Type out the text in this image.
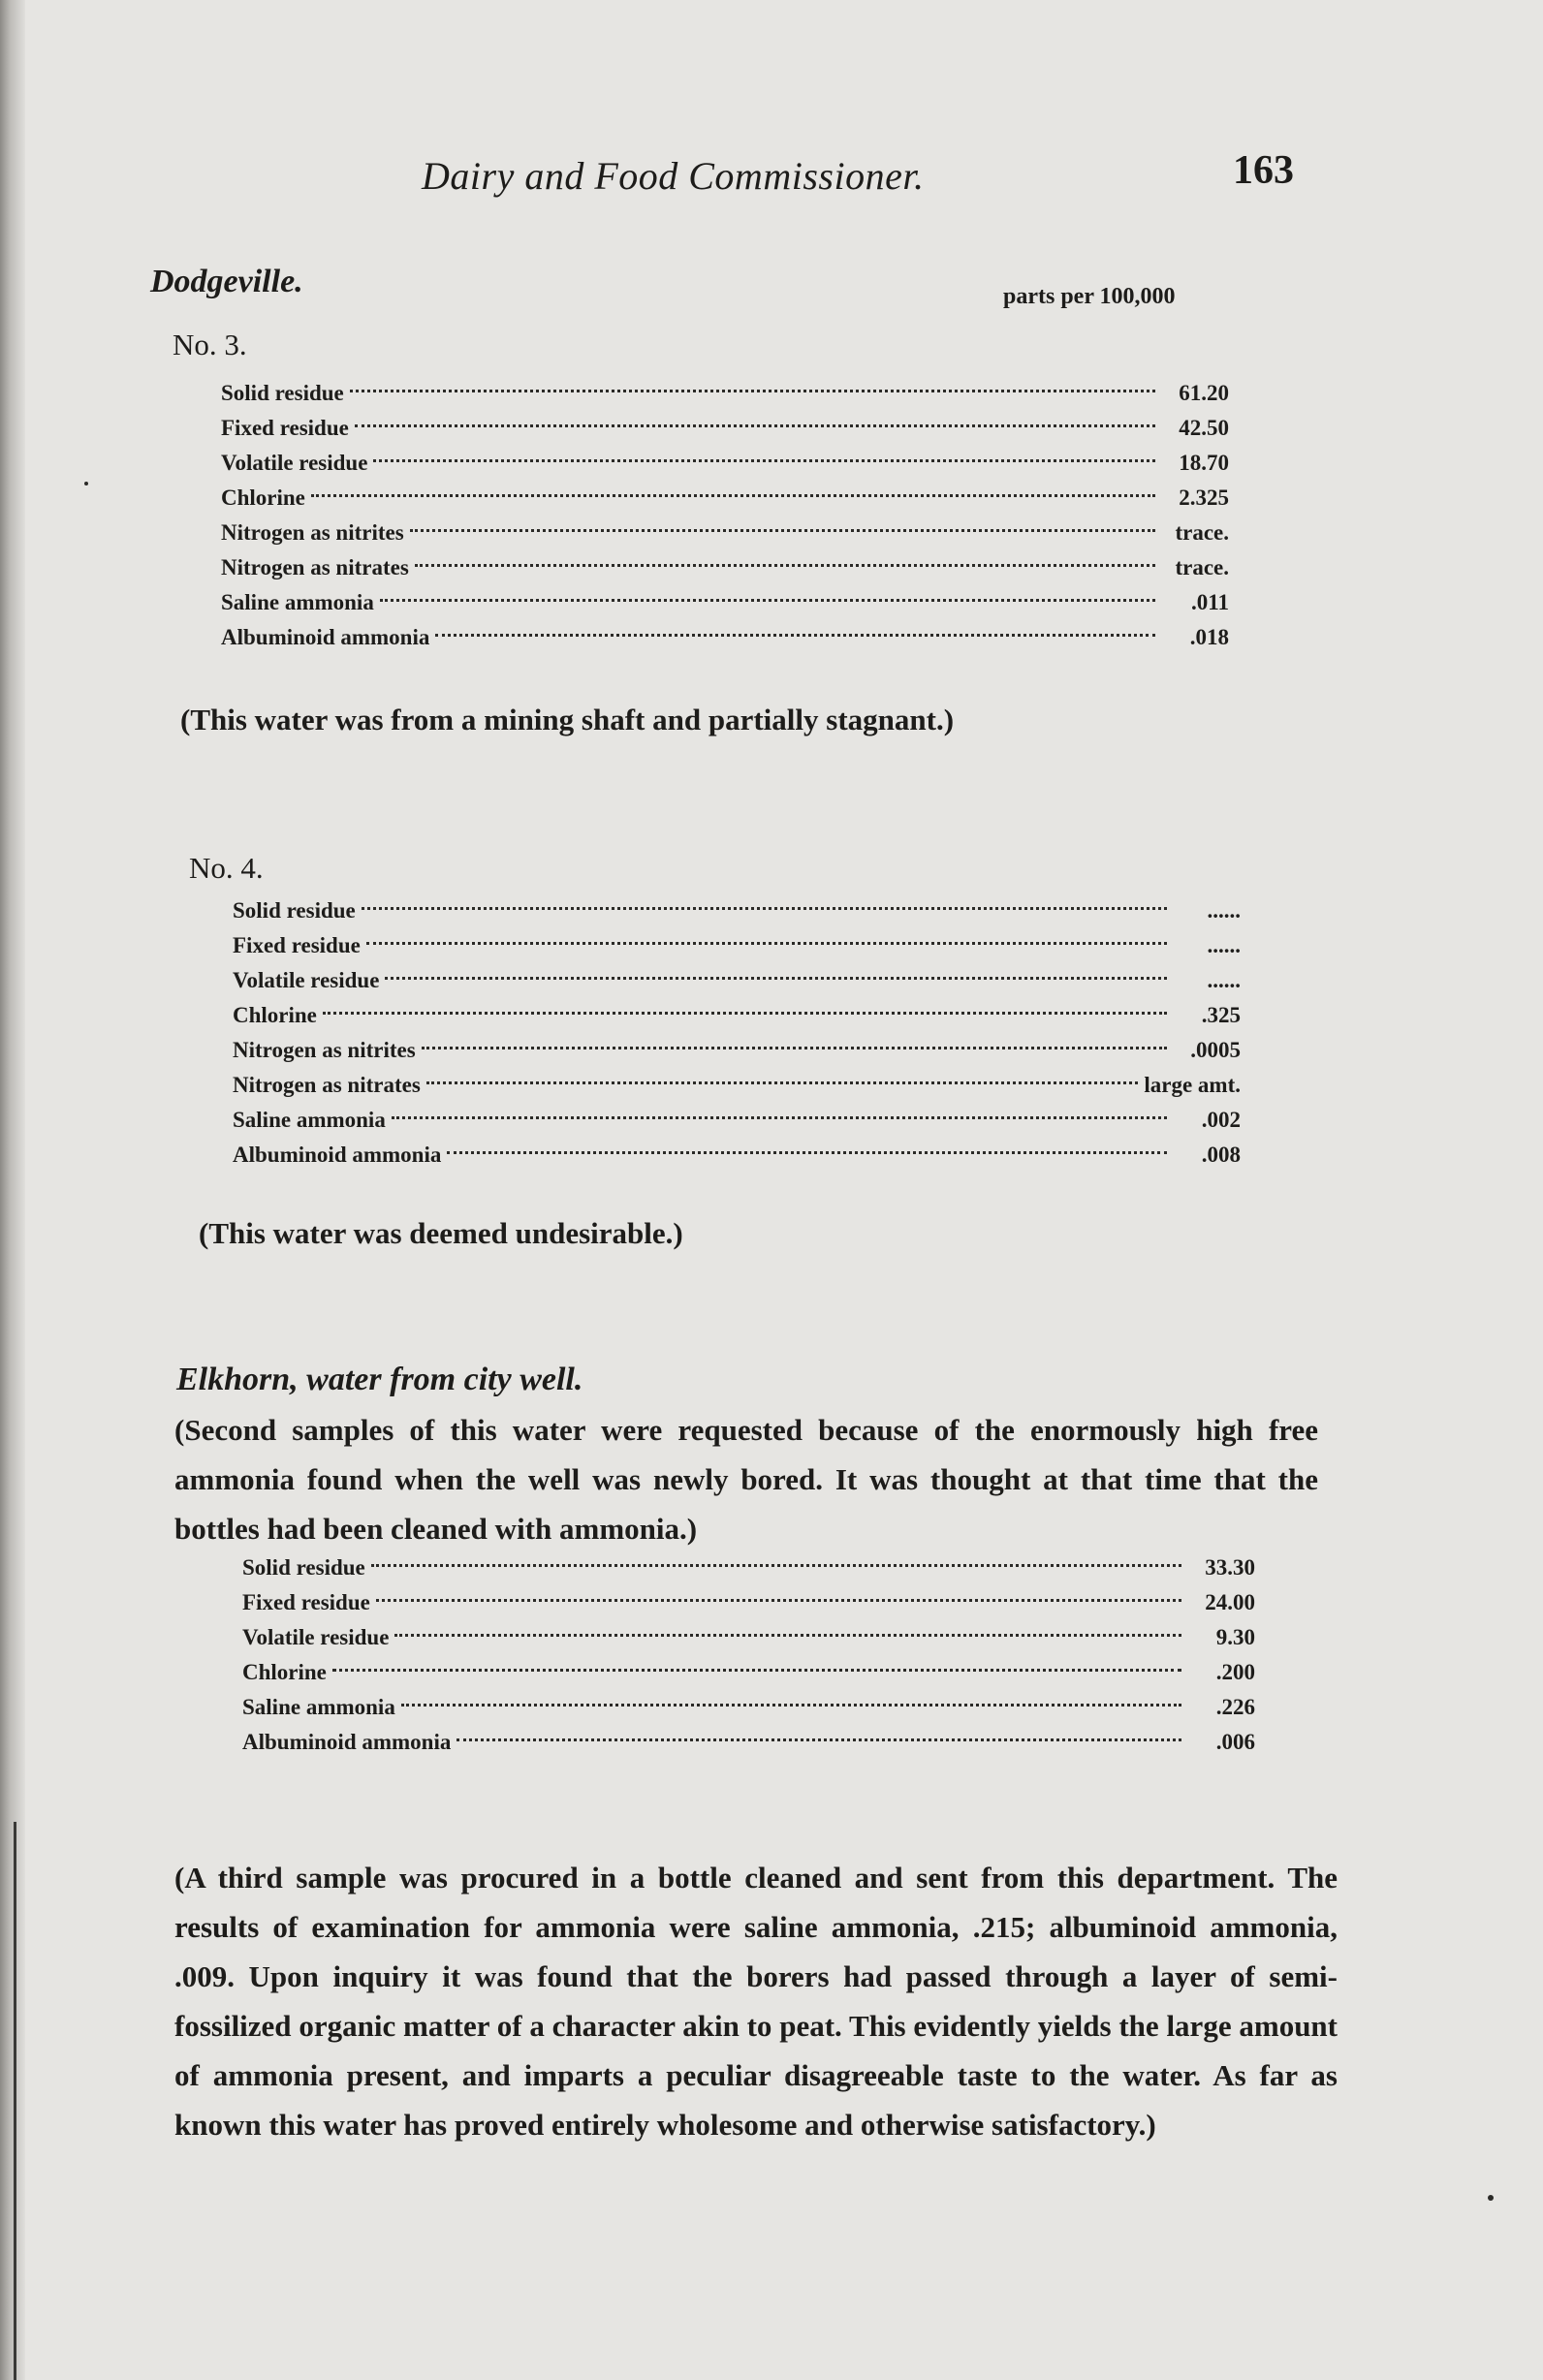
Dairy and Food Commissioner.	163
Dodgeville.	parts per 100,000
No. 3.
Solid residue	61.20
Fixed residue	42.50
Volatile residue	18.70
Chlorine	2.325
Nitrogen as nitrites	trace.
Nitrogen as nitrates	trace.
Saline ammonia	.011
Albuminoid ammonia	.018
(This water was from a mining shaft and partially stagnant.)
No. 4.
Solid residue	......
Fixed residue	......
Volatile residue	......
Chlorine	.325
Nitrogen as nitrites	.0005
Nitrogen as nitrates	large amt.
Saline ammonia	.002
Albuminoid ammonia	.008
(This water was deemed undesirable.)
Elkhorn, water from city well.
(Second samples of this water were requested because of the enormously high free ammonia found when the well was newly bored. It was thought at that time that the bottles had been cleaned with ammonia.)
Solid residue	33.30
Fixed residue	24.00
Volatile residue	9.30
Chlorine	.200
Saline ammonia	.226
Albuminoid ammonia	.006
(A third sample was procured in a bottle cleaned and sent from this department. The results of examination for ammonia were saline ammonia, .215; albuminoid ammonia, .009. Upon inquiry it was found that the borers had passed through a layer of semi-fossilized organic matter of a character akin to peat. This evidently yields the large amount of ammonia present, and imparts a peculiar disagreeable taste to the water. As far as known this water has proved entirely wholesome and otherwise satisfactory.)
